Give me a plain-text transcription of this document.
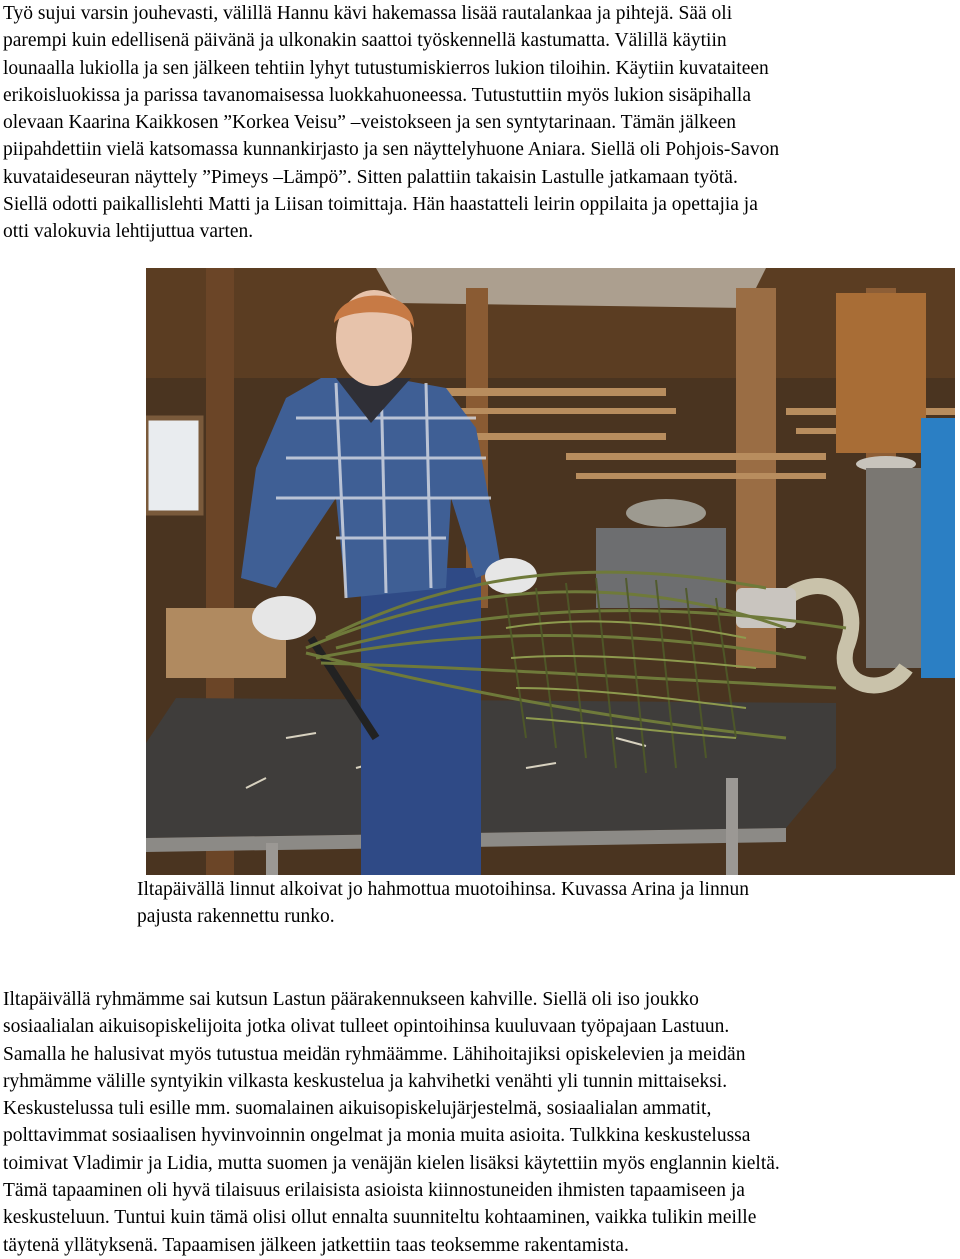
Työ sujui varsin jouhevasti, välillä Hannu kävi hakemassa lisää rautalankaa ja pihtejä. Sää oli
parempi kuin edellisenä päivänä ja ulkonakin saattoi työskennellä kastumatta. Välillä käytiin
lounaalla lukiolla ja sen jälkeen tehtiin lyhyt tutustumiskierros lukion tiloihin. Käytiin kuvataiteen
erikoisluokissa ja parissa tavanomaisessa luokkahuoneessa. Tutustuttiin myös lukion sisäpihalla
olevaan Kaarina Kaikkosen ”Korkea Veisu” –veistokseen ja sen syntytarinaan. Tämän jälkeen
piipahdettiin vielä katsomassa kunnankirjasto ja sen näyttelyhuone Aniara. Siellä oli Pohjois-Savon
kuvataideseuran näyttely ”Pimeys –Lämpö”. Sitten palattiin takaisin Lastulle jatkamaan työtä.
Siellä odotti paikallislehti Matti ja Liisan toimittaja. Hän haastatteli leirin oppilaita ja opettajia ja
otti valokuvia lehtijuttua varten.
Iltapäivällä linnut alkoivat jo hahmottua muotoihinsa. Kuvassa Arina ja linnun
pajusta rakennettu runko.
Iltapäivällä ryhmämme sai kutsun Lastun päärakennukseen kahville. Siellä oli iso joukko
sosiaalialan aikuisopiskelijoita jotka olivat tulleet opintoihinsa kuuluvaan työpajaan Lastuun.
Samalla he halusivat myös tutustua meidän ryhmäämme. Lähihoitajiksi opiskelevien ja meidän
ryhmämme välille syntyikin vilkasta keskustelua ja kahvihetki venähti yli tunnin mittaiseksi.
Keskustelussa tuli esille mm. suomalainen aikuisopiskelujärjestelmä, sosiaalialan ammatit,
polttavimmat sosiaalisen hyvinvoinnin ongelmat ja monia muita asioita. Tulkkina keskustelussa
toimivat Vladimir ja Lidia, mutta suomen ja venäjän kielen lisäksi käytettiin myös englannin kieltä.
Tämä tapaaminen oli hyvä tilaisuus erilaisista asioista kiinnostuneiden ihmisten tapaamiseen ja
keskusteluun. Tuntui kuin tämä olisi ollut ennalta suunniteltu kohtaaminen, vaikka tulikin meille
täytenä yllätyksenä. Tapaamisen jälkeen jatkettiin taas teoksemme rakentamista.
